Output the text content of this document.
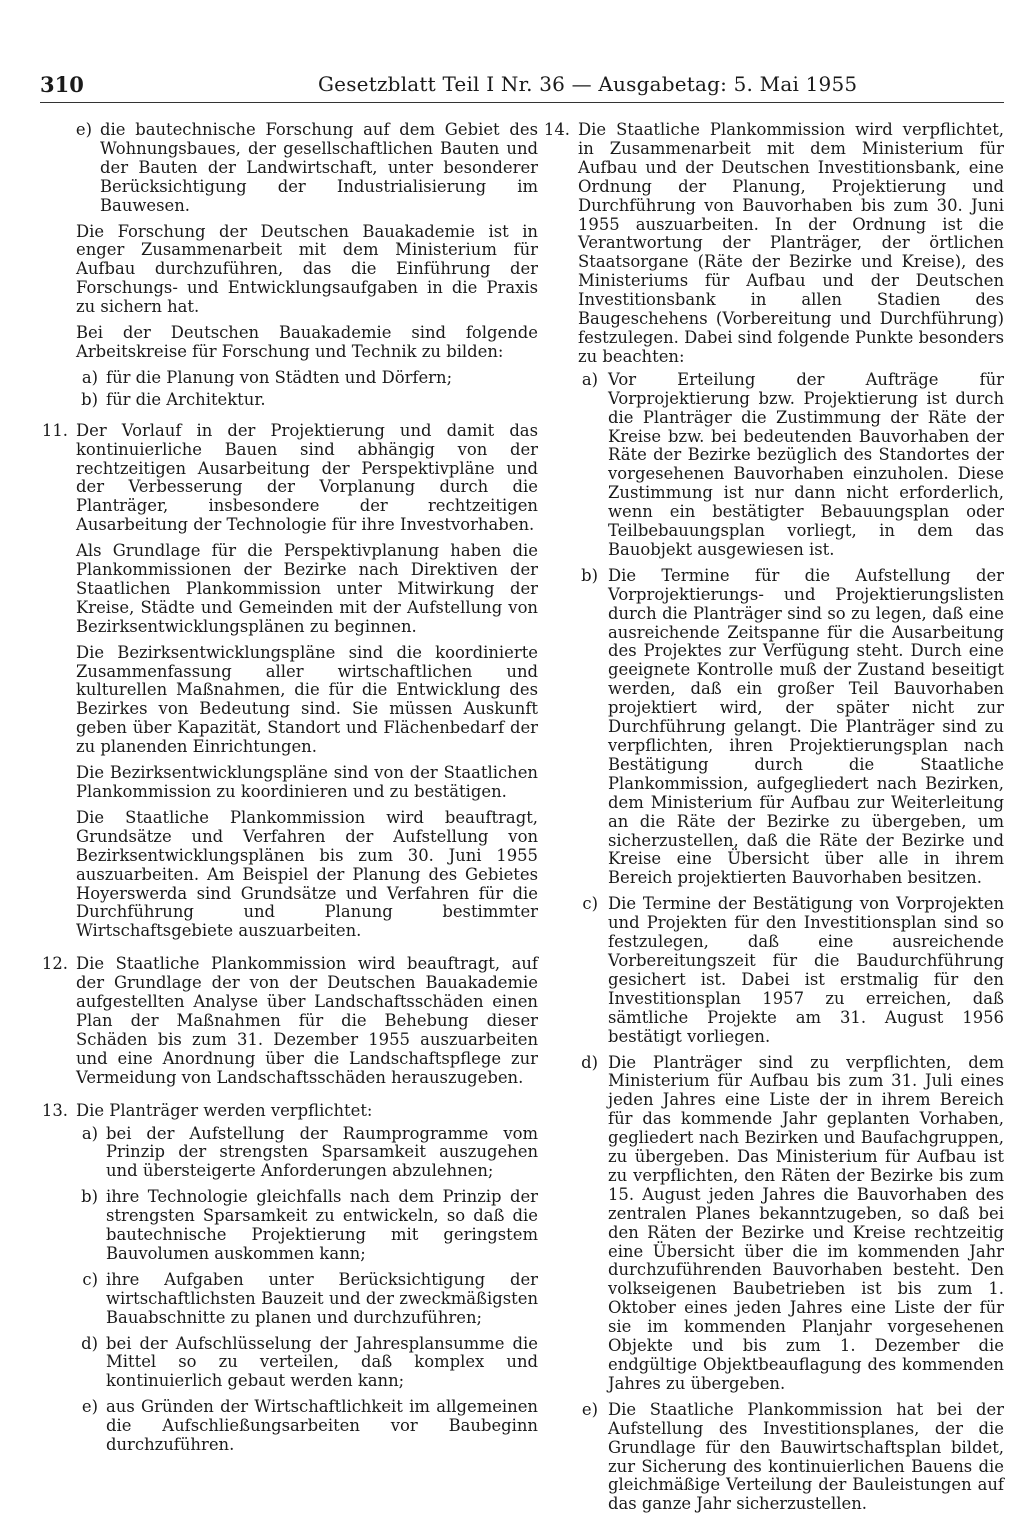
310	Gesetzblatt Teil I Nr. 36 — Ausgabetag: 5. Mai 1955
e) die bautechnische Forschung auf dem Gebiet des Wohnungsbaues, der gesellschaftlichen Bauten und der Bauten der Landwirtschaft, unter besonderer Berücksichtigung der Industrialisierung im Bauwesen.

Die Forschung der Deutschen Bauakademie ist in enger Zusammenarbeit mit dem Ministerium für Aufbau durchzuführen, das die Einführung der Forschungs- und Entwicklungsaufgaben in die Praxis zu sichern hat.

Bei der Deutschen Bauakademie sind folgende Arbeitskreise für Forschung und Technik zu bilden:

a) für die Planung von Städten und Dörfern;
b) für die Architektur.
11. Der Vorlauf in der Projektierung und damit das kontinuierliche Bauen sind abhängig von der rechtzeitigen Ausarbeitung der Perspektivpläne und der Verbesserung der Vorplanung durch die Planträger, insbesondere der rechtzeitigen Ausarbeitung der Technologie für ihre Investvorhaben.

Als Grundlage für die Perspektivplanung haben die Plankommissionen der Bezirke nach Direktiven der Staatlichen Plankommission unter Mitwirkung der Kreise, Städte und Gemeinden mit der Aufstellung von Bezirksentwicklungsplänen zu beginnen.

Die Bezirksentwicklungspläne sind die koordinierte Zusammenfassung aller wirtschaftlichen und kulturellen Maßnahmen, die für die Entwicklung des Bezirkes von Bedeutung sind. Sie müssen Auskunft geben über Kapazität, Standort und Flächenbedarf der zu planenden Einrichtungen.

Die Bezirksentwicklungspläne sind von der Staatlichen Plankommission zu koordinieren und zu bestätigen.

Die Staatliche Plankommission wird beauftragt, Grundsätze und Verfahren der Aufstellung von Bezirksentwicklungsplänen bis zum 30. Juni 1955 auszuarbeiten. Am Beispiel der Planung des Gebietes Hoyerswerda sind Grundsätze und Verfahren für die Durchführung und Planung bestimmter Wirtschaftsgebiete auszuarbeiten.

12. Die Staatliche Plankommission wird beauftragt, auf der Grundlage der von der Deutschen Bauakademie aufgestellten Analyse über Landschaftsschäden einen Plan der Maßnahmen für die Behebung dieser Schäden bis zum 31. Dezember 1955 auszuarbeiten und eine Anordnung über die Landschaftspflege zur Vermeidung von Landschaftsschäden herauszugeben.

13. Die Planträger werden verpflichtet:

a) bei der Aufstellung der Raumprogramme vom Prinzip der strengsten Sparsamkeit auszugehen und übersteigerte Anforderungen abzulehnen;
b) ihre Technologie gleichfalls nach dem Prinzip der strengsten Sparsamkeit zu entwickeln, so daß die bautechnische Projektierung mit geringstem Bauvolumen auskommen kann;
c) ihre Aufgaben unter Berücksichtigung der wirtschaftlichsten Bauzeit und der zweckmäßigsten Bauabschnitte zu planen und durchzuführen;
d) bei der Aufschlüsselung der Jahresplansumme die Mittel so zu verteilen, daß komplex und kontinuierlich gebaut werden kann;
e) aus Gründen der Wirtschaftlichkeit im allgemeinen die Aufschließungsarbeiten vor Baubeginn durchzuführen.
14. Die Staatliche Plankommission wird verpflichtet, in Zusammenarbeit mit dem Ministerium für Aufbau und der Deutschen Investitionsbank, eine Ordnung der Planung, Projektierung und Durchführung von Bauvorhaben bis zum 30. Juni 1955 auszuarbeiten. In der Ordnung ist die Verantwortung der Planträger, der örtlichen Staatsorgane (Räte der Bezirke und Kreise), des Ministeriums für Aufbau und der Deutschen Investitionsbank in allen Stadien des Baugeschehens (Vorbereitung und Durchführung) festzulegen. Dabei sind folgende Punkte besonders zu beachten:

a) Vor Erteilung der Aufträge für Vorprojektierung bzw. Projektierung ist durch die Planträger die Zustimmung der Räte der Kreise bzw. bei bedeutenden Bauvorhaben der Räte der Bezirke bezüglich des Standortes der vorgesehenen Bauvorhaben einzuholen. Diese Zustimmung ist nur dann nicht erforderlich, wenn ein bestätigter Bebauungsplan oder Teilbebauungsplan vorliegt, in dem das Bauobjekt ausgewiesen ist.
b) Die Termine für die Aufstellung der Vorprojektierungs- und Projektierungslisten durch die Planträger sind so zu legen, daß eine ausreichende Zeitspanne für die Ausarbeitung des Projektes zur Verfügung steht. Durch eine geeignete Kontrolle muß der Zustand beseitigt werden, daß ein großer Teil Bauvorhaben projektiert wird, der später nicht zur Durchführung gelangt. Die Planträger sind zu verpflichten, ihren Projektierungsplan nach Bestätigung durch die Staatliche Plankommission, aufgegliedert nach Bezirken, dem Ministerium für Aufbau zur Weiterleitung an die Räte der Bezirke zu übergeben, um sicherzustellen, daß die Räte der Bezirke und Kreise eine Übersicht über alle in ihrem Bereich projektierten Bauvorhaben besitzen.
c) Die Termine der Bestätigung von Vorprojekten und Projekten für den Investitionsplan sind so festzulegen, daß eine ausreichende Vorbereitungszeit für die Baudurchführung gesichert ist. Dabei ist erstmalig für den Investitionsplan 1957 zu erreichen, daß sämtliche Projekte am 31. August 1956 bestätigt vorliegen.
d) Die Planträger sind zu verpflichten, dem Ministerium für Aufbau bis zum 31. Juli eines jeden Jahres eine Liste der in ihrem Bereich für das kommende Jahr geplanten Vorhaben, gegliedert nach Bezirken und Baufachgruppen, zu übergeben. Das Ministerium für Aufbau ist zu verpflichten, den Räten der Bezirke bis zum 15. August jeden Jahres die Bauvorhaben des zentralen Planes bekanntzugeben, so daß bei den Räten der Bezirke und Kreise rechtzeitig eine Übersicht über die im kommenden Jahr durchzuführenden Bauvorhaben besteht. Den volkseigenen Baubetrieben ist bis zum 1. Oktober eines jeden Jahres eine Liste der für sie im kommenden Planjahr vorgesehenen Objekte und bis zum 1. Dezember die endgültige Objektbeauflagung des kommenden Jahres zu übergeben.
e) Die Staatliche Plankommission hat bei der Aufstellung des Investitionsplanes, der die Grundlage für den Bauwirtschaftsplan bildet, zur Sicherung des kontinuierlichen Bauens die gleichmäßige Verteilung der Bauleistungen auf das ganze Jahr sicherzustellen.
